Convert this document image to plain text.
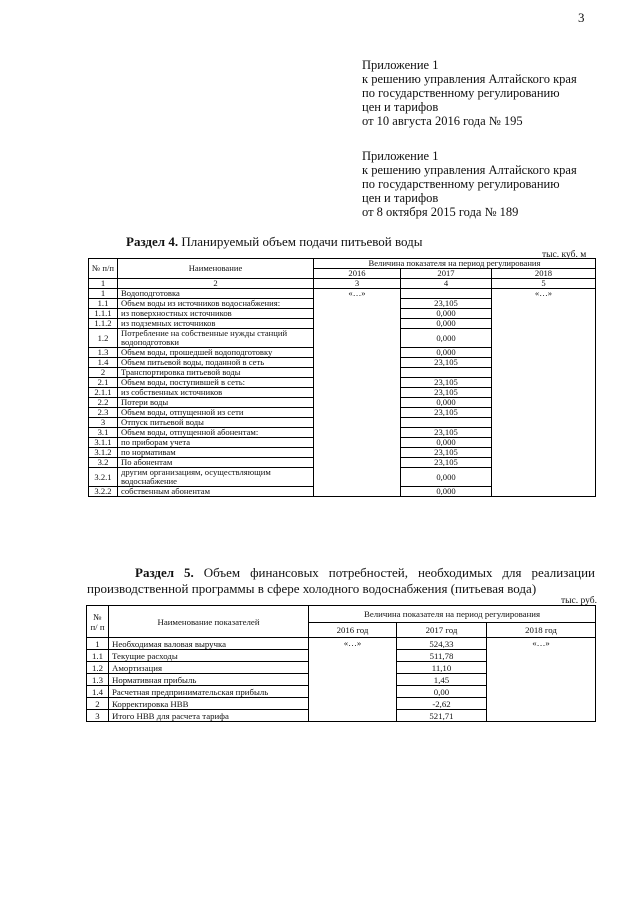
3
Приложение 1
к решению управления Алтайского края
по государственному регулированию
цен и тарифов
от 10 августа 2016 года № 195
Приложение 1
к решению управления Алтайского края
по государственному регулированию
цен и тарифов
от 8 октября 2015 года № 189
Раздел 4. Планируемый объем подачи питьевой воды
тыс. куб. м
№ п/п	Наименование	Величина показателя на период регулирования		
		2016	2017	2018
1	2	3	4	5
1	Водоподготовка	«…»		«…»
1.1	Объем воды из источников водоснабжения:		23,105	
1.1.1	из поверхностных источников		0,000	
1.1.2	из подземных источников		0,000	
1.2	Потребление на собственные нужды станций водоподготовки		0,000	
1.3	Объем воды, прошедшей водоподготовку		0,000	
1.4	Объем питьевой воды, поданной в сеть		23,105	
2	Транспортировка питьевой воды			
2.1	Объем воды, поступившей в сеть:		23,105	
2.1.1	из собственных источников		23,105	
2.2	Потери воды		0,000	
2.3	Объем воды, отпущенной из сети		23,105	
3	Отпуск питьевой воды			
3.1	Объем воды, отпущенной абонентам:		23,105	
3.1.1	по приборам учета		0,000	
3.1.2	по нормативам		23,105	
3.2	По абонентам		23,105	
3.2.1	другим организациям, осуществляющим водоснабжение		0,000	
3.2.2	собственным абонентам		0,000	
Раздел 5. Объем финансовых потребностей, необходимых для реализации производственной программы в сфере холодного водоснабжения (питьевая вода)
тыс. руб.
№ п/ п	Наименование показателей	Величина показателя на период регулирования		
		2016 год	2017 год	2018 год
1	Необходимая валовая выручка	«…»	524,33	«…»
1.1	Текущие расходы		511,78	
1.2	Амортизация		11,10	
1.3	Нормативная прибыль		1,45	
1.4	Расчетная предпринимательская прибыль		0,00	
2	Корректировка НВВ		-2,62	
3	Итого НВВ для расчета тарифа		521,71	
